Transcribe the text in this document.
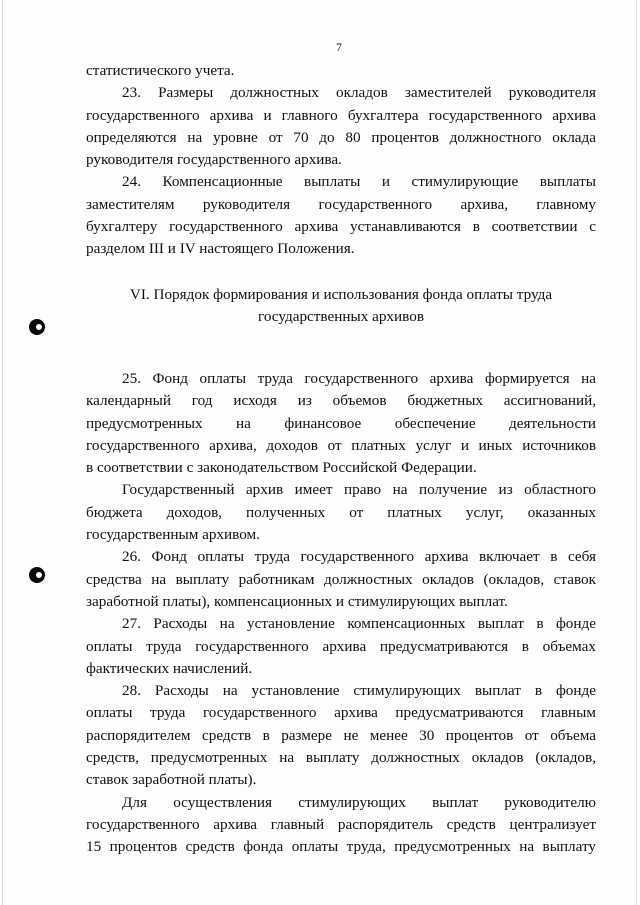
7
статистического учета.
23. Размеры должностных окладов заместителей руководителя
государственного архива и главного бухгалтера государственного архива
определяются на уровне от 70 до 80 процентов должностного оклада
руководителя государственного архива.
24. Компенсационные выплаты и стимулирующие выплаты
заместителям руководителя государственного архива, главному
бухгалтеру государственного архива устанавливаются в соответствии с
разделом III и IV настоящего Положения.
VI. Порядок формирования и использования фонда оплаты труда
государственных архивов
25. Фонд оплаты труда государственного архива формируется на
календарный год исходя из объемов бюджетных ассигнований,
предусмотренных на финансовое обеспечение деятельности
государственного архива, доходов от платных услуг и иных источников
в соответствии с законодательством Российской Федерации.
Государственный архив имеет право на получение из областного
бюджета доходов, полученных от платных услуг, оказанных
государственным архивом.
26. Фонд оплаты труда государственного архива включает в себя
средства на выплату работникам должностных окладов (окладов, ставок
заработной платы), компенсационных и стимулирующих выплат.
27. Расходы на установление компенсационных выплат в фонде
оплаты труда государственного архива предусматриваются в объемах
фактических начислений.
28. Расходы на установление стимулирующих выплат в фонде
оплаты труда государственного архива предусматриваются главным
распорядителем средств в размере не менее 30 процентов от объема
средств, предусмотренных на выплату должностных окладов (окладов,
ставок заработной платы).
Для осуществления стимулирующих выплат руководителю
государственного архива главный распорядитель средств централизует
15 процентов средств фонда оплаты труда, предусмотренных на выплату
